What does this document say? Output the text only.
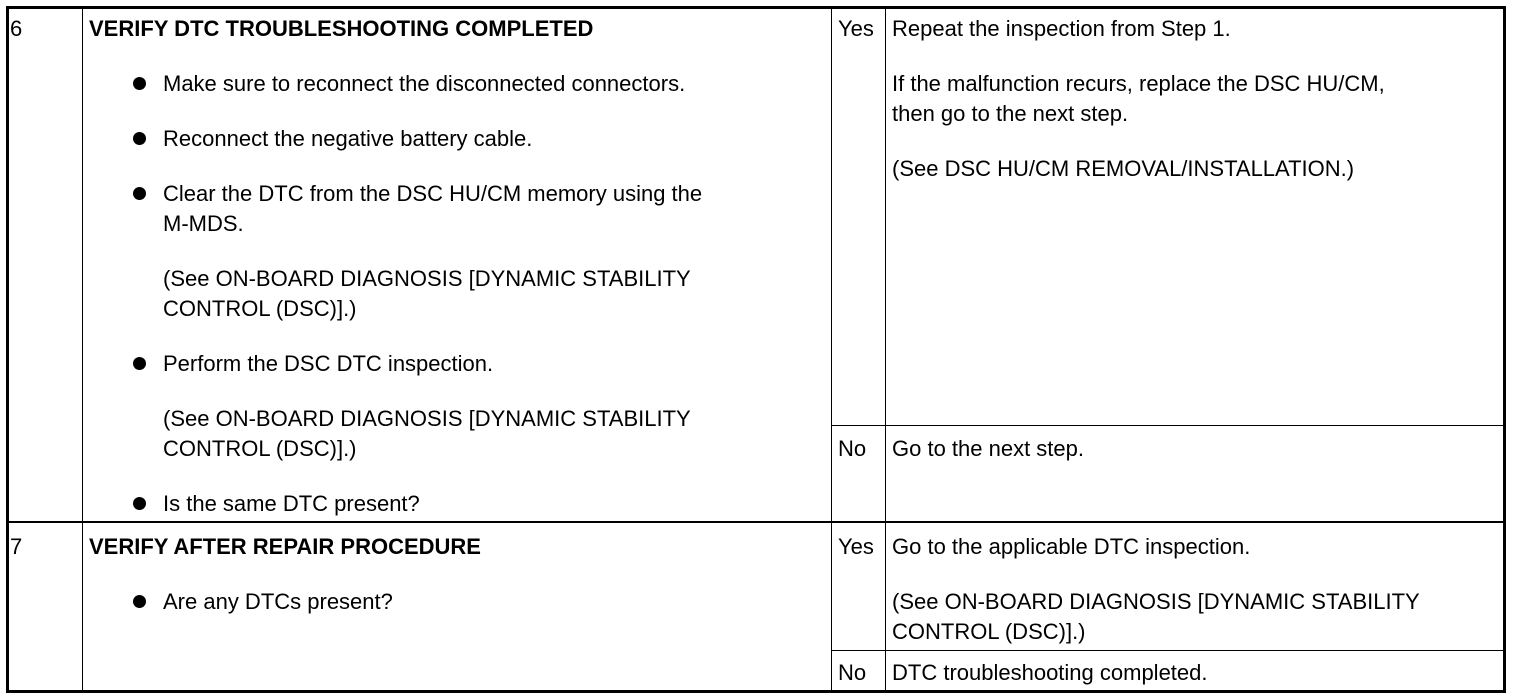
6	VERIFY DTC TROUBLESHOOTING COMPLETED
Make sure to reconnect the disconnected connectors.
Reconnect the negative battery cable.
Clear the DTC from the DSC HU/CM memory using the
M-MDS.
(See ON-BOARD DIAGNOSIS [DYNAMIC STABILITY
CONTROL (DSC)].)
Perform the DSC DTC inspection.
(See ON-BOARD DIAGNOSIS [DYNAMIC STABILITY
CONTROL (DSC)].)
Is the same DTC present?
Yes Repeat the inspection from Step 1.
If the malfunction recurs, replace the DSC HU/CM,
then go to the next step.
(See DSC HU/CM REMOVAL/INSTALLATION.)
No Go to the next step.
7	VERIFY AFTER REPAIR PROCEDURE
Are any DTCs present?
Yes Go to the applicable DTC inspection.
(See ON-BOARD DIAGNOSIS [DYNAMIC STABILITY
CONTROL (DSC)].)
No DTC troubleshooting completed.
